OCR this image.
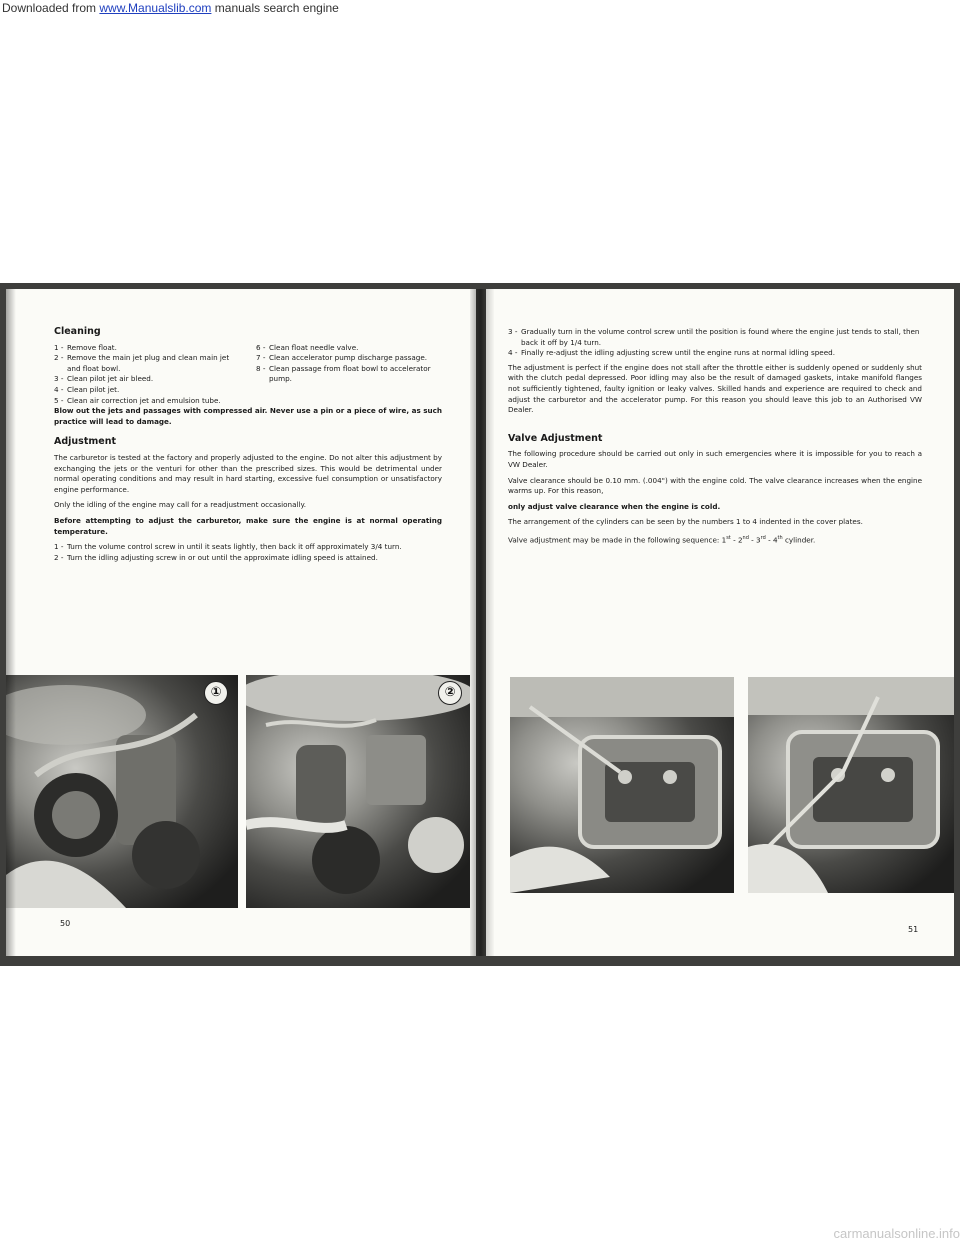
Downloaded from www.Manualslib.com manuals search engine
Cleaning
1 - Remove float.
2 - Remove the main jet plug and clean main jet and float bowl.
3 - Clean pilot jet air bleed.
4 - Clean pilot jet.
5 - Clean air correction jet and emulsion tube.
6 - Clean float needle valve.
7 - Clean accelerator pump discharge passage.
8 - Clean passage from float bowl to accelerator pump.
Blow out the jets and passages with compressed air. Never use a pin or a piece of wire, as such practice will lead to damage.
Adjustment
The carburetor is tested at the factory and properly adjusted to the engine. Do not alter this adjustment by exchanging the jets or the venturi for other than the prescribed sizes. This would be detrimental under normal operating conditions and may result in hard starting, excessive fuel consumption or unsatisfactory engine performance.
Only the idling of the engine may call for a readjustment occasionally.
Before attempting to adjust the carburetor, make sure the engine is at normal operating temperature.
1 - Turn the volume control screw in until it seats lightly, then back it off approximately 3/4 turn.
2 - Turn the idling adjusting screw in or out until the approximate idling speed is attained.
①	②
50
3 - Gradually turn in the volume control screw until the position is found where the engine just tends to stall, then back it off by 1/4 turn.
4 - Finally re-adjust the idling adjusting screw until the engine runs at normal idling speed.
The adjustment is perfect if the engine does not stall after the throttle either is suddenly opened or suddenly shut with the clutch pedal depressed. Poor idling may also be the result of damaged gaskets, intake manifold flanges not sufficiently tightened, faulty ignition or leaky valves. Skilled hands and experience are required to check and adjust the carburetor and the accelerator pump. For this reason you should leave this job to an Authorised VW Dealer.
Valve Adjustment
The following procedure should be carried out only in such emergencies where it is impossible for you to reach a VW Dealer.
Valve clearance should be 0.10 mm. (.004") with the engine cold. The valve clearance increases when the engine warms up. For this reason,
only adjust valve clearance when the engine is cold.
The arrangement of the cylinders can be seen by the numbers 1 to 4 indented in the cover plates.
Valve adjustment may be made in the following sequence: 1st - 2nd - 3rd - 4th cylinder.
51
carmanualsonline.info
